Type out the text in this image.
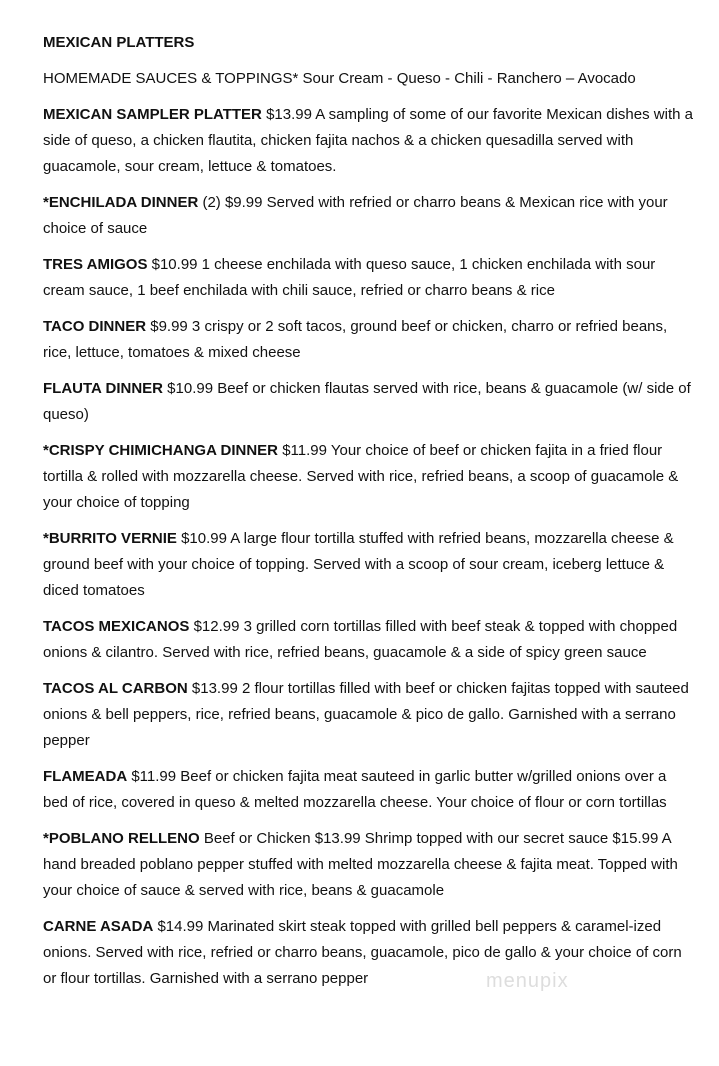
MEXICAN PLATTERS
HOMEMADE SAUCES & TOPPINGS* Sour Cream - Queso - Chili - Ranchero – Avocado
MEXICAN SAMPLER PLATTER $13.99 A sampling of some of our favorite Mexican dishes with a side of queso, a chicken flautita, chicken fajita nachos & a chicken quesadilla served with guacamole, sour cream, lettuce & tomatoes.
*ENCHILADA DINNER (2) $9.99 Served with refried or charro beans & Mexican rice with your choice of sauce
TRES AMIGOS $10.99 1 cheese enchilada with queso sauce, 1 chicken enchilada with sour cream sauce, 1 beef enchilada with chili sauce, refried or charro beans & rice
TACO DINNER $9.99 3 crispy or 2 soft tacos, ground beef or chicken, charro or refried beans, rice, lettuce, tomatoes & mixed cheese
FLAUTA DINNER $10.99 Beef or chicken flautas served with rice, beans & guacamole (w/ side of queso)
*CRISPY CHIMICHANGA DINNER $11.99 Your choice of beef or chicken fajita in a fried flour tortilla & rolled with mozzarella cheese. Served with rice, refried beans, a scoop of guacamole & your choice of topping
*BURRITO VERNIE $10.99 A large flour tortilla stuffed with refried beans, mozzarella cheese & ground beef with your choice of topping. Served with a scoop of sour cream, iceberg lettuce & diced tomatoes
TACOS MEXICANOS $12.99 3 grilled corn tortillas filled with beef steak & topped with chopped onions & cilantro. Served with rice, refried beans, guacamole & a side of spicy green sauce
TACOS AL CARBON $13.99 2 flour tortillas filled with beef or chicken fajitas topped with sauteed onions & bell peppers, rice, refried beans, guacamole & pico de gallo. Garnished with a serrano pepper
FLAMEADA $11.99 Beef or chicken fajita meat sauteed in garlic butter w/grilled onions over a bed of rice, covered in queso & melted mozzarella cheese. Your choice of flour or corn tortillas
*POBLANO RELLENO Beef or Chicken $13.99 Shrimp topped with our secret sauce $15.99 A hand breaded poblano pepper stuffed with melted mozzarella cheese & fajita meat. Topped with your choice of sauce & served with rice, beans & guacamole
CARNE ASADA $14.99 Marinated skirt steak topped with grilled bell peppers & caramel-ized onions. Served with rice, refried or charro beans, guacamole, pico de gallo & your choice of corn or flour tortillas. Garnished with a serrano pepper	menupix
